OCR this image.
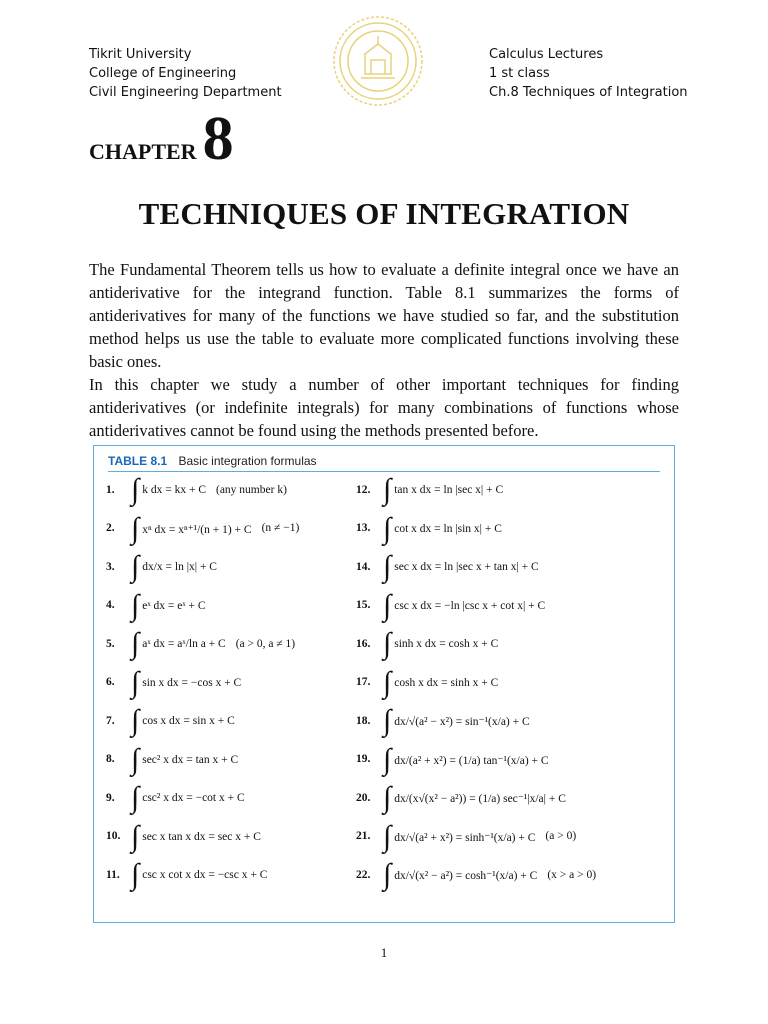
Tikrit University
College of Engineering
Civil Engineering Department
Calculus Lectures
1 st class
Ch.8 Techniques of Integration
CHAPTER8
TECHNIQUES OF INTEGRATION

The Fundamental Theorem tells us how to evaluate a definite integral once we have an antiderivative for the integrand function. Table 8.1 summarizes the forms of antiderivatives for many of the functions we have studied so far, and the substitution method helps us use the table to evaluate more complicated functions involving these basic ones.

In this chapter we study a number of other important techniques for finding antiderivatives (or indefinite integrals) for many combinations of functions whose antiderivatives cannot be found using the methods presented before.

TABLE 8.1 Basic integration formulas
1. ∫ k dx = kx + C (any number k)
2. ∫ xⁿ dx = xⁿ⁺¹/(n + 1) + C (n ≠ −1)
3. ∫ dx/x = ln |x| + C
4. ∫ eˣ dx = eˣ + C
5. ∫ aˣ dx = aˣ/ln a + C (a > 0, a ≠ 1)
6. ∫ sin x dx = −cos x + C
7. ∫ cos x dx = sin x + C
8. ∫ sec² x dx = tan x + C
9. ∫ csc² x dx = −cot x + C
10. ∫ sec x tan x dx = sec x + C
11. ∫ csc x cot x dx = −csc x + C
12. ∫ tan x dx = ln |sec x| + C
13. ∫ cot x dx = ln |sin x| + C
14. ∫ sec x dx = ln |sec x + tan x| + C
15. ∫ csc x dx = −ln |csc x + cot x| + C
16. ∫ sinh x dx = cosh x + C
17. ∫ cosh x dx = sinh x + C
18. ∫ dx/√(a² − x²) = sin⁻¹(x/a) + C
19. ∫ dx/(a² + x²) = (1/a) tan⁻¹(x/a) + C
20. ∫ dx/(x√(x² − a²)) = (1/a) sec⁻¹|x/a| + C
21. ∫ dx/√(a² + x²) = sinh⁻¹(x/a) + C (a > 0)
22. ∫ dx/√(x² − a²) = cosh⁻¹(x/a) + C (x > a > 0)
1
